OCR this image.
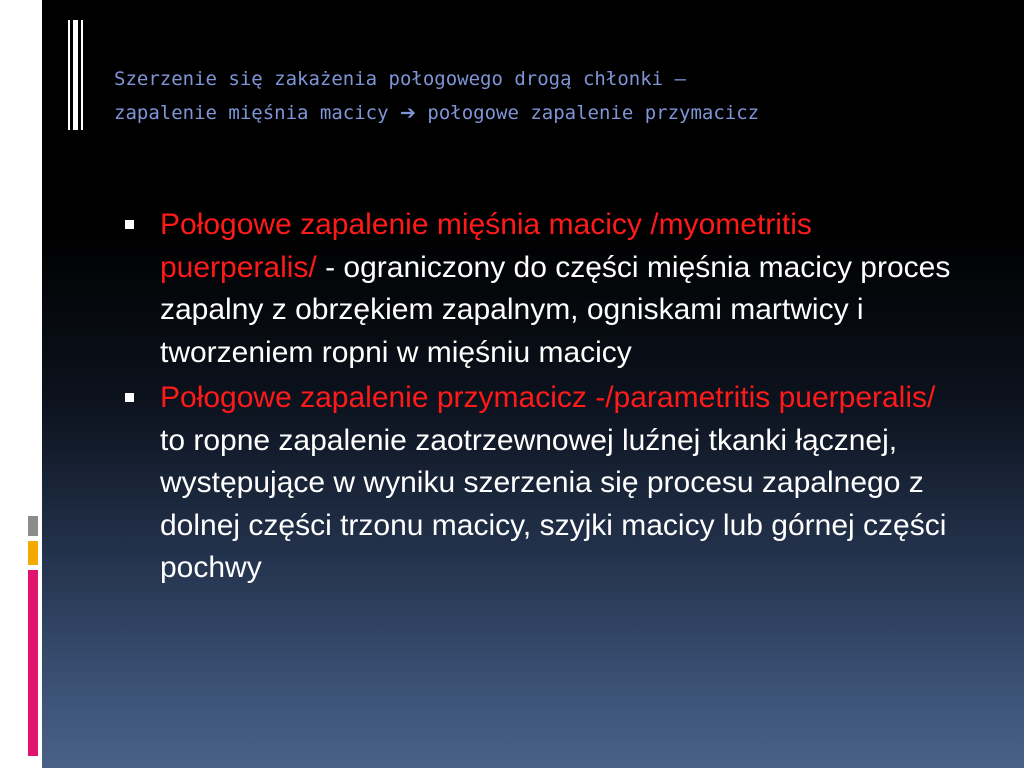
Szerzenie się zakażenia połogowego drogą chłonki –
zapalenie mięśnia macicy ➔ połogowe zapalenie przymacicz
Połogowe zapalenie mięśnia macicy /myometritis puerperalis/ - ograniczony do części mięśnia macicy proces zapalny z obrzękiem zapalnym, ogniskami martwicy i tworzeniem ropni w mięśniu macicy
Połogowe zapalenie przymacicz -/parametritis puerperalis/ to ropne zapalenie zaotrzewnowej luźnej tkanki łącznej, występujące w wyniku szerzenia się procesu zapalnego z dolnej części trzonu macicy, szyjki macicy lub górnej części pochwy
